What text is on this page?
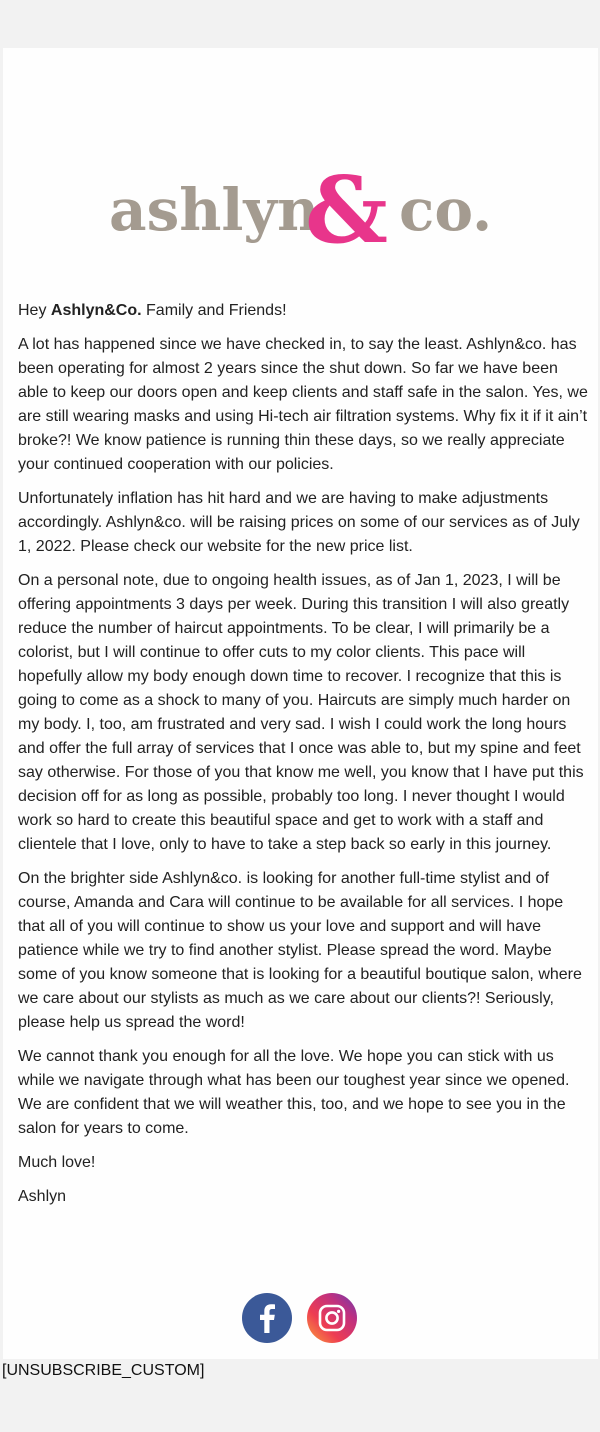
ashlyn
& co.

Hey Ashlyn&Co. Family and Friends!

A lot has happened since we have checked in, to say the least. Ashlyn&co. has been operating for almost 2 years since the shut down. So far we have been able to keep our doors open and keep clients and staff safe in the salon. Yes, we are still wearing masks and using Hi-tech air filtration systems. Why fix it if it ain’t broke?! We know patience is running thin these days, so we really appreciate your continued cooperation with our policies.

Unfortunately inflation has hit hard and we are having to make adjustments accordingly. Ashlyn&co. will be raising prices on some of our services as of July 1, 2022. Please check our website for the new price list.

On a personal note, due to ongoing health issues, as of Jan 1, 2023, I will be offering appointments 3 days per week. During this transition I will also greatly reduce the number of haircut appointments. To be clear, I will primarily be a colorist, but I will continue to offer cuts to my color clients. This pace will hopefully allow my body enough down time to recover. I recognize that this is going to come as a shock to many of you. Haircuts are simply much harder on my body. I, too, am frustrated and very sad. I wish I could work the long hours and offer the full array of services that I once was able to, but my spine and feet say otherwise. For those of you that know me well, you know that I have put this decision off for as long as possible, probably too long. I never thought I would work so hard to create this beautiful space and get to work with a staff and clientele that I love, only to have to take a step back so early in this journey.

On the brighter side Ashlyn&co. is looking for another full-time stylist and of course, Amanda and Cara will continue to be available for all services. I hope that all of you will continue to show us your love and support and will have patience while we try to find another stylist. Please spread the word. Maybe some of you know someone that is looking for a beautiful boutique salon, where we care about our stylists as much as we care about our clients?! Seriously, please help us spread the word!

We cannot thank you enough for all the love. We hope you can stick with us while we navigate through what has been our toughest year since we opened. We are confident that we will weather this, too, and we hope to see you in the salon for years to come.

Much love!

Ashlyn

[UNSUBSCRIBE_CUSTOM]
